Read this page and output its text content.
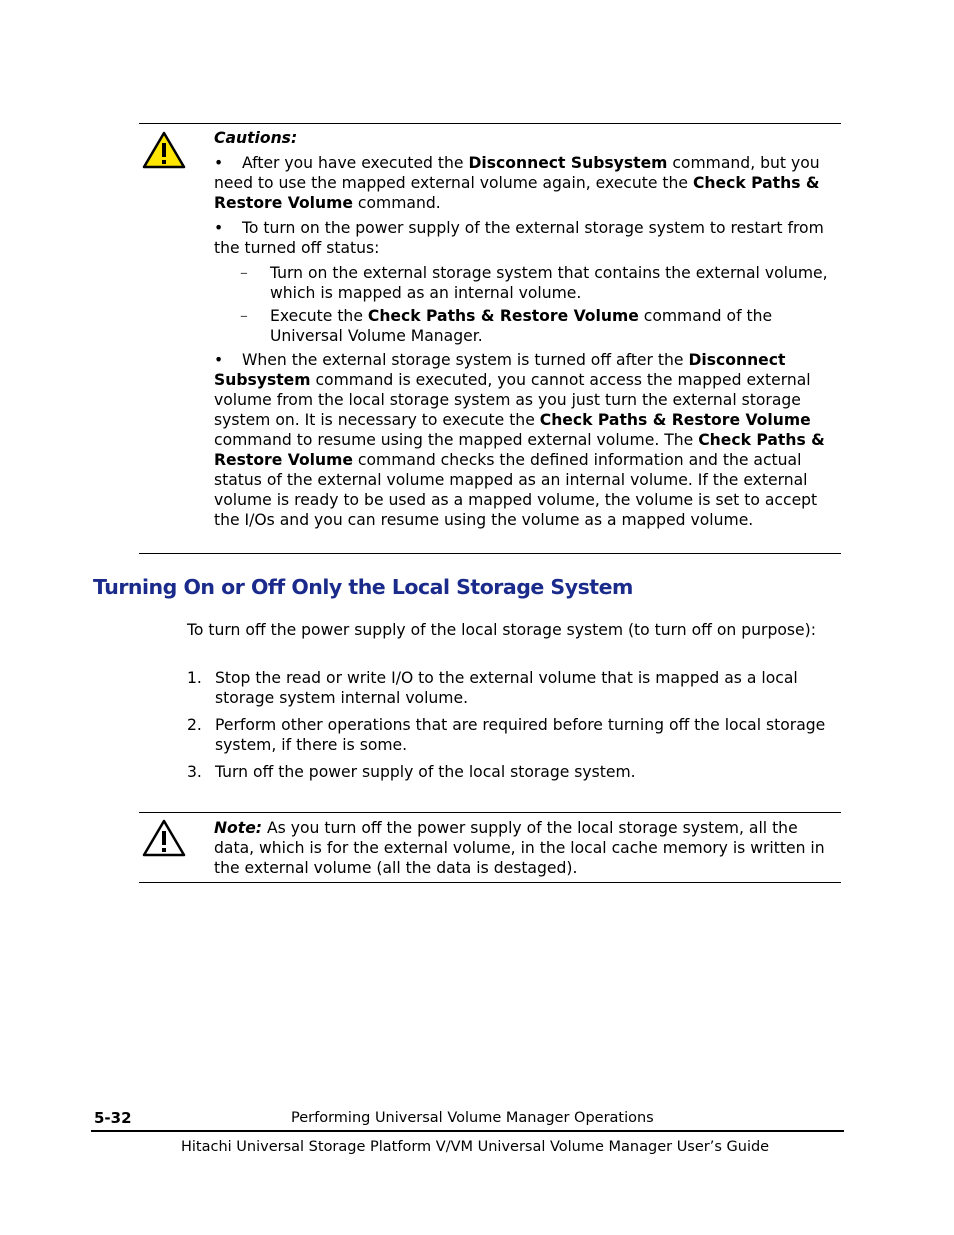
Cautions:

• After you have executed the Disconnect Subsystem command, but you need to use the mapped external volume again, execute the Check Paths & Restore Volume command.

• To turn on the power supply of the external storage system to restart from the turned off status:

– Turn on the external storage system that contains the external volume, which is mapped as an internal volume.

– Execute the Check Paths & Restore Volume command of the Universal Volume Manager.

• When the external storage system is turned off after the Disconnect Subsystem command is executed, you cannot access the mapped external volume from the local storage system as you just turn the external storage system on. It is necessary to execute the Check Paths & Restore Volume command to resume using the mapped external volume. The Check Paths & Restore Volume command checks the defined information and the actual status of the external volume mapped as an internal volume. If the external volume is ready to be used as a mapped volume, the volume is set to accept the I/Os and you can resume using the volume as a mapped volume.

Turning On or Off Only the Local Storage System

To turn off the power supply of the local storage system (to turn off on purpose):

1. Stop the read or write I/O to the external volume that is mapped as a local storage system internal volume.
2. Perform other operations that are required before turning off the local storage system, if there is some.
3. Turn off the power supply of the local storage system.

Note: As you turn off the power supply of the local storage system, all the data, which is for the external volume, in the local cache memory is written in the external volume (all the data is destaged).

5-32	Performing Universal Volume Manager Operations
Hitachi Universal Storage Platform V/VM Universal Volume Manager User’s Guide
